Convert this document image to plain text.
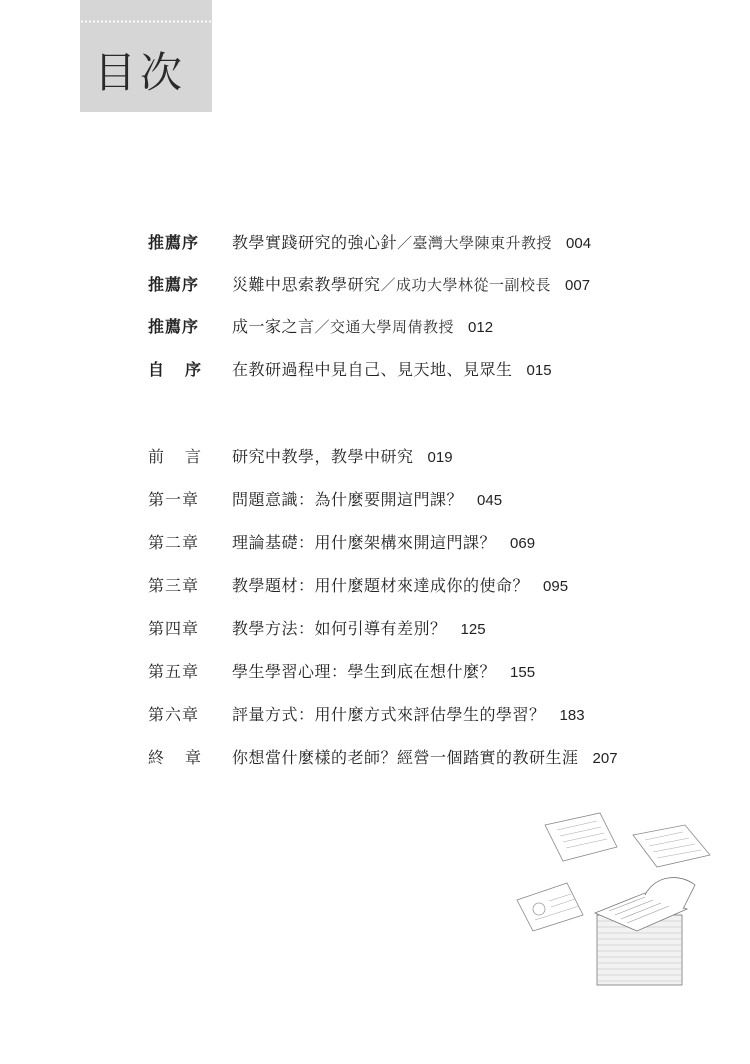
目次
推薦序	教學實踐研究的強心針／臺灣大學陳東升教授 004
推薦序	災難中思索教學研究／成功大學林從一副校長 007
推薦序	成一家之言／交通大學周倩教授 012
自 序 在教研過程中見自己、見天地、見眾生 015
前 言 研究中教學，教學中研究 019
第一章	問題意識：為什麼要開這門課？ 045
第二章	理論基礎：用什麼架構來開這門課？ 069
第三章	教學題材：用什麼題材來達成你的使命？ 095
第四章	教學方法：如何引導有差別？ 125
第五章	學生學習心理：學生到底在想什麼？ 155
第六章	評量方式：用什麼方式來評估學生的學習？ 183
終 章 你想當什麼樣的老師？經營一個踏實的教研生涯 207
